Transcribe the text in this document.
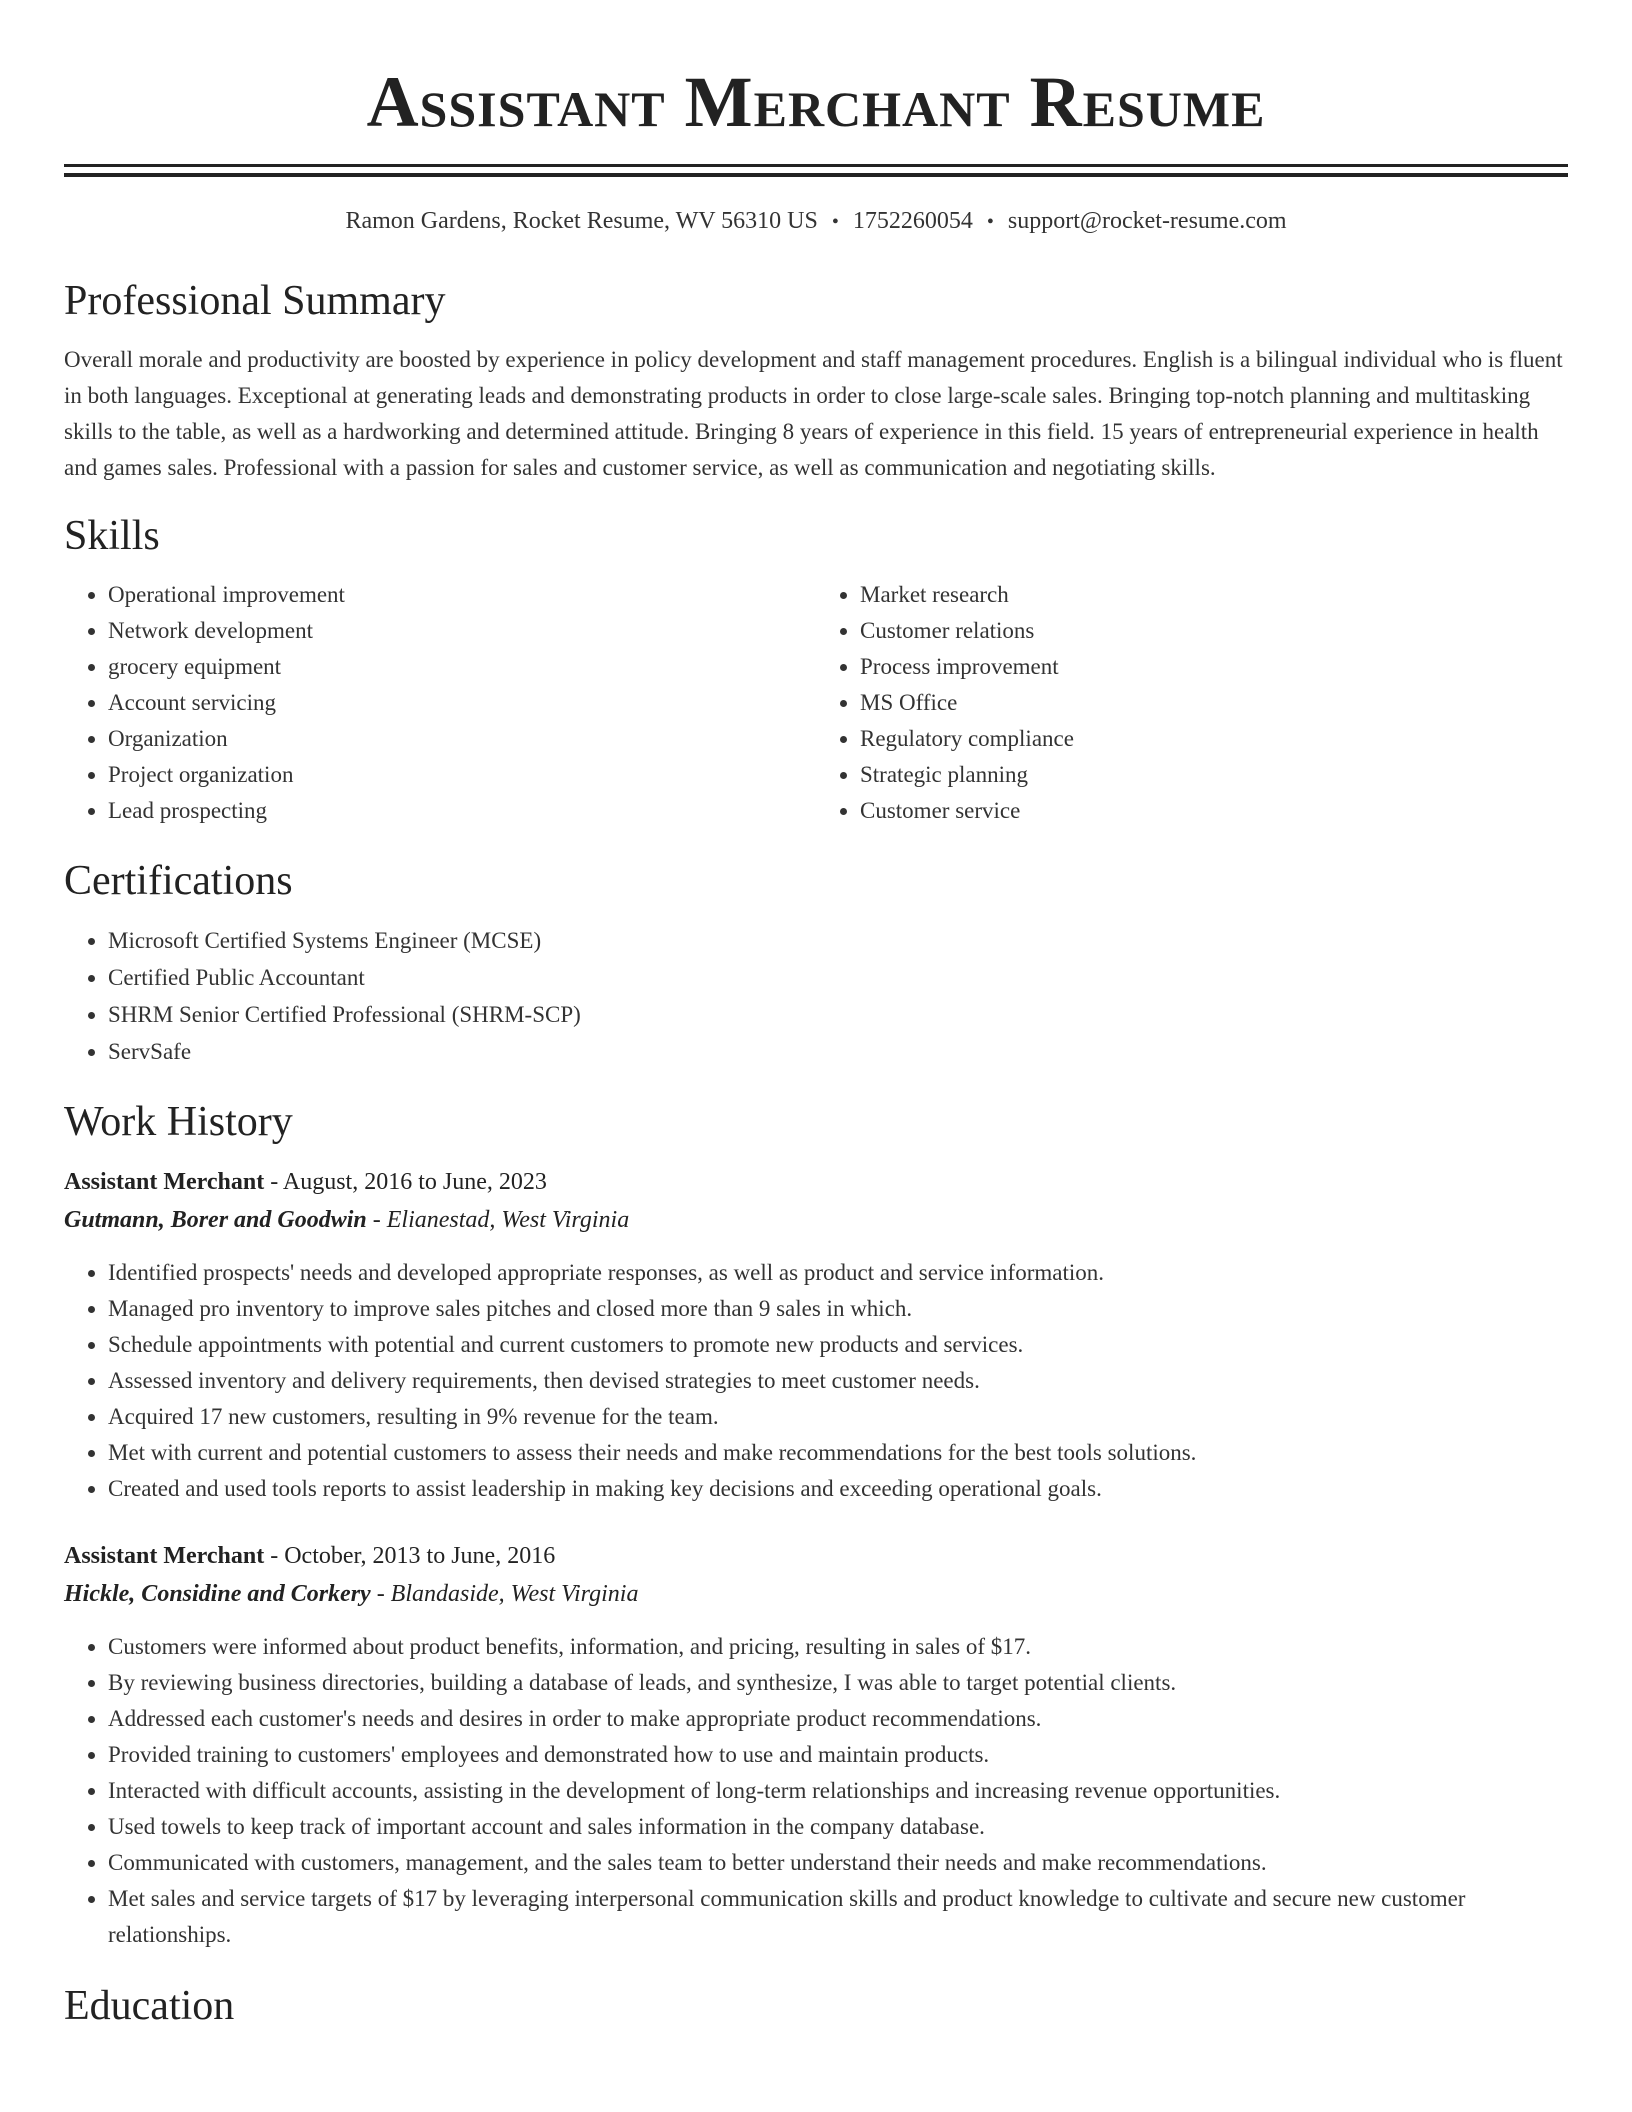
Assistant Merchant Resume
Ramon Gardens, Rocket Resume, WV 56310 US • 1752260054 • support@rocket-resume.com
Professional Summary

Overall morale and productivity are boosted by experience in policy development and staff management procedures. English is a bilingual individual who is fluent in both languages. Exceptional at generating leads and demonstrating products in order to close large-scale sales. Bringing top-notch planning and multitasking skills to the table, as well as a hardworking and determined attitude. Bringing 8 years of experience in this field. 15 years of entrepreneurial experience in health and games sales. Professional with a passion for sales and customer service, as well as communication and negotiating skills.

Skills
• Operational improvement
• Network development
• grocery equipment
• Account servicing
• Organization
• Project organization
• Lead prospecting
• Market research
• Customer relations
• Process improvement
• MS Office
• Regulatory compliance
• Strategic planning
• Customer service
Certifications
• Microsoft Certified Systems Engineer (MCSE)
• Certified Public Accountant
• SHRM Senior Certified Professional (SHRM-SCP)
• ServSafe
Work History
Assistant Merchant - August, 2016 to June, 2023
Gutmann, Borer and Goodwin - Elianestad, West Virginia
• Identified prospects' needs and developed appropriate responses, as well as product and service information.
• Managed pro inventory to improve sales pitches and closed more than 9 sales in which.
• Schedule appointments with potential and current customers to promote new products and services.
• Assessed inventory and delivery requirements, then devised strategies to meet customer needs.
• Acquired 17 new customers, resulting in 9% revenue for the team.
• Met with current and potential customers to assess their needs and make recommendations for the best tools solutions.
• Created and used tools reports to assist leadership in making key decisions and exceeding operational goals.
Assistant Merchant - October, 2013 to June, 2016
Hickle, Considine and Corkery - Blandaside, West Virginia
• Customers were informed about product benefits, information, and pricing, resulting in sales of $17.
• By reviewing business directories, building a database of leads, and synthesize, I was able to target potential clients.
• Addressed each customer's needs and desires in order to make appropriate product recommendations.
• Provided training to customers' employees and demonstrated how to use and maintain products.
• Interacted with difficult accounts, assisting in the development of long-term relationships and increasing revenue opportunities.
• Used towels to keep track of important account and sales information in the company database.
• Communicated with customers, management, and the sales team to better understand their needs and make recommendations.
• Met sales and service targets of $17 by leveraging interpersonal communication skills and product knowledge to cultivate and secure new customer relationships.
Education
